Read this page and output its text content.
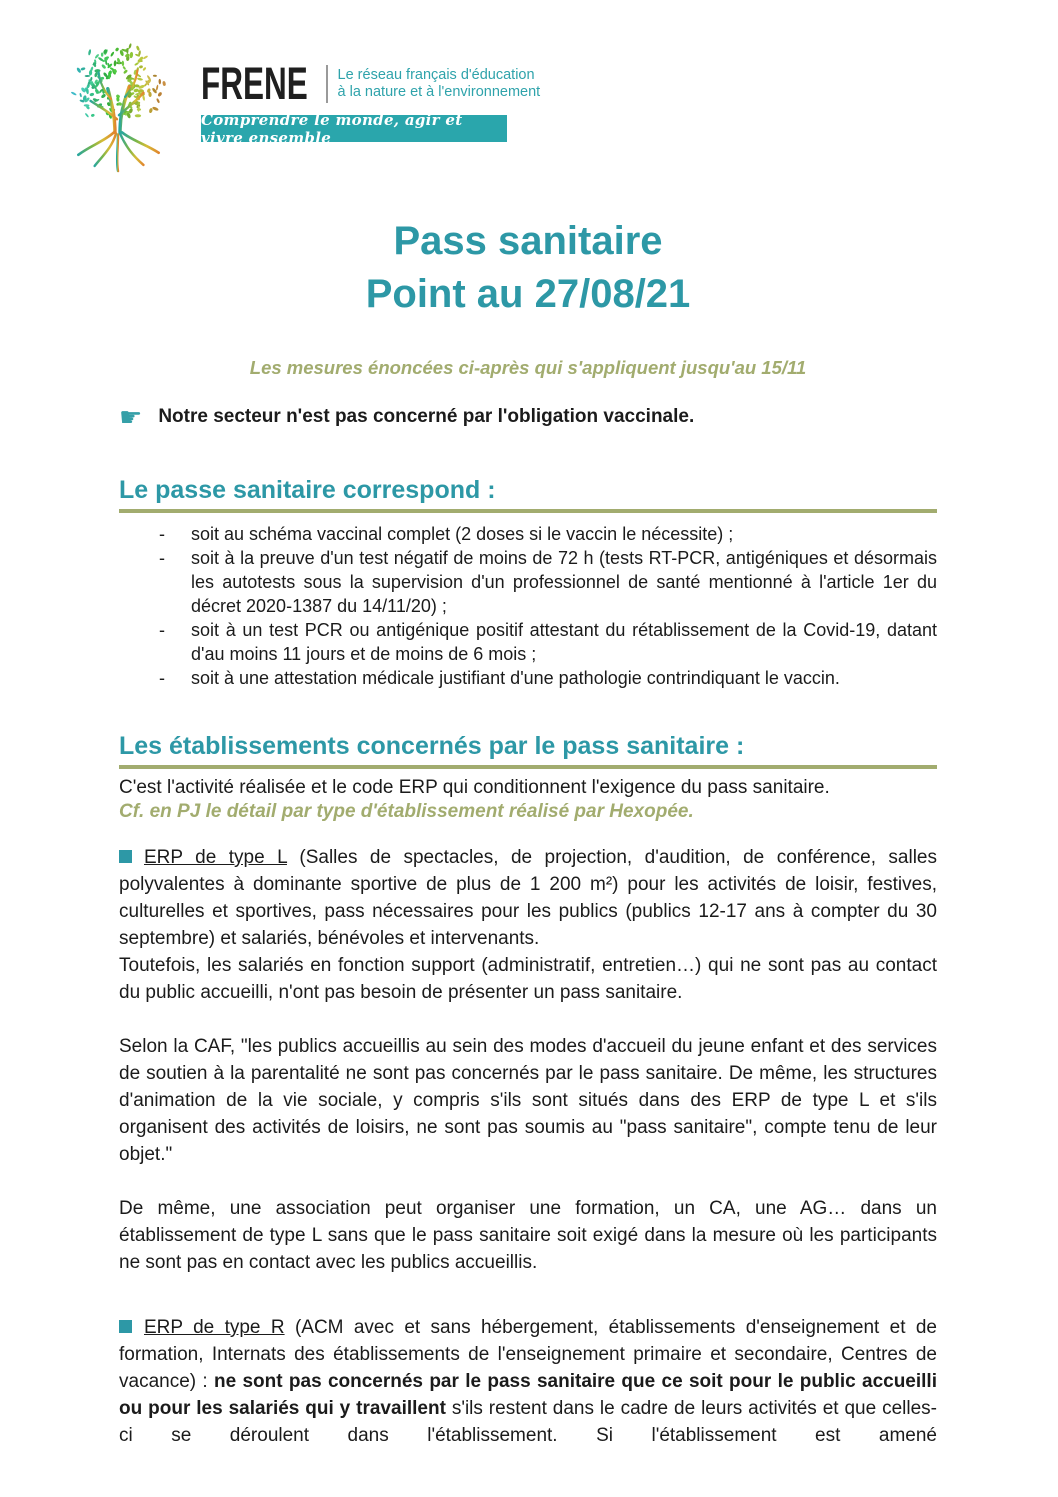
FRENE Le réseau français d'éducation
à la nature et à l'environnement
Comprendre le monde, agir et vivre ensemble
Pass sanitaire
Point au 27/08/21
Les mesures énoncées ci-après qui s'appliquent jusqu'au 15/11
☛ Notre secteur n'est pas concerné par l'obligation vaccinale.
Le passe sanitaire correspond :
-	soit au schéma vaccinal complet (2 doses si le vaccin le nécessite) ;
-	soit à la preuve d'un test négatif de moins de 72 h (tests RT-PCR, antigéniques et désormais les autotests sous la supervision d'un professionnel de santé mentionné à l'article 1er du décret 2020-1387 du 14/11/20) ;
-	soit à un test PCR ou antigénique positif attestant du rétablissement de la Covid-19, datant d'au moins 11 jours et de moins de 6 mois ;
-	soit à une attestation médicale justifiant d'une pathologie contrindiquant le vaccin.
Les établissements concernés par le pass sanitaire :
C'est l'activité réalisée et le code ERP qui conditionnent l'exigence du pass sanitaire.
Cf. en PJ le détail par type d'établissement réalisé par Hexopée.
ERP de type L (Salles de spectacles, de projection, d'audition, de conférence, salles polyvalentes à dominante sportive de plus de 1 200 m²) pour les activités de loisir, festives, culturelles et sportives, pass nécessaires pour les publics (publics 12-17 ans à compter du 30 septembre) et salariés, bénévoles et intervenants.
Toutefois, les salariés en fonction support (administratif, entretien…) qui ne sont pas au contact du public accueilli, n'ont pas besoin de présenter un pass sanitaire.
Selon la CAF, "les publics accueillis au sein des modes d'accueil du jeune enfant et des services de soutien à la parentalité ne sont pas concernés par le pass sanitaire. De même, les structures d'animation de la vie sociale, y compris s'ils sont situés dans des ERP de type L et s'ils organisent des activités de loisirs, ne sont pas soumis au "pass sanitaire", compte tenu de leur objet."
De même, une association peut organiser une formation, un CA, une AG… dans un établissement de type L sans que le pass sanitaire soit exigé dans la mesure où les participants ne sont pas en contact avec les publics accueillis.
ERP de type R (ACM avec et sans hébergement, établissements d'enseignement et de formation, Internats des établissements de l'enseignement primaire et secondaire, Centres de vacance) : ne sont pas concernés par le pass sanitaire que ce soit pour le public accueilli ou pour les salariés qui y travaillent s'ils restent dans le cadre de leurs activités et que celles-ci se déroulent dans l'établissement. Si l'établissement est amené
